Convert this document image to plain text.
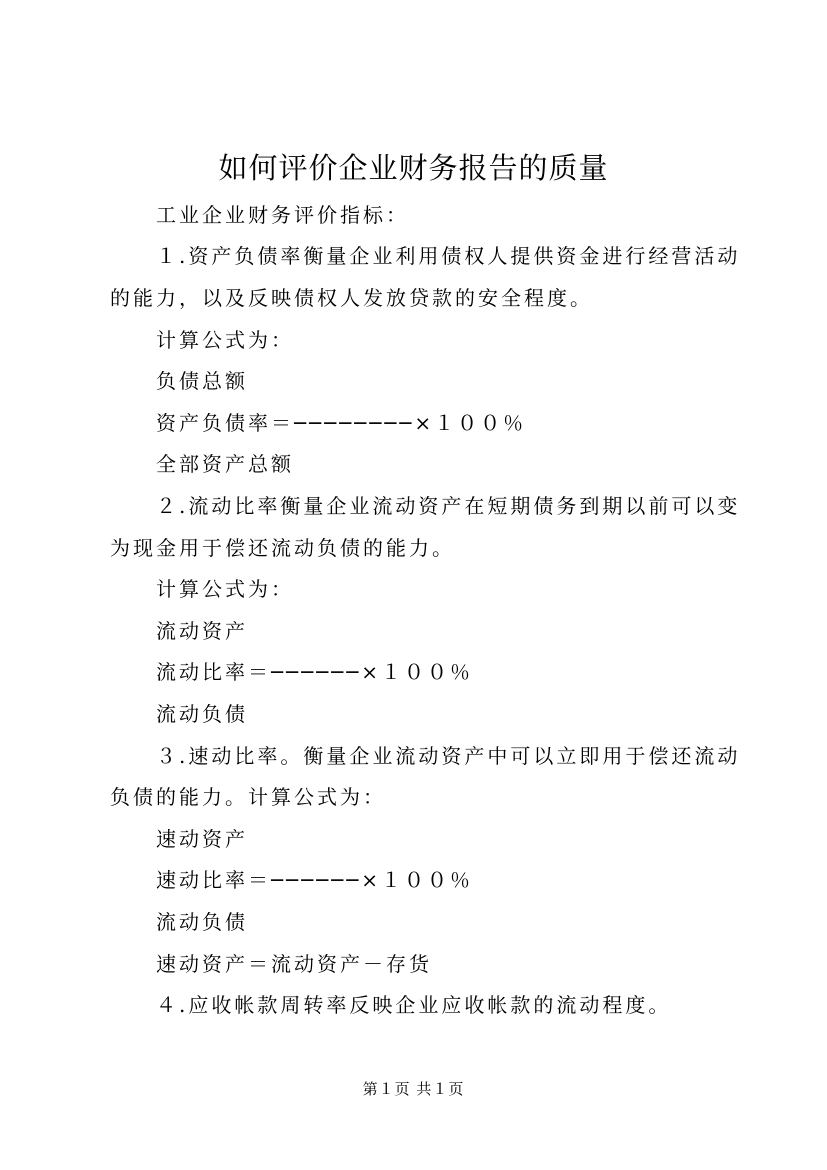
如何评价企业财务报告的质量
工业企业财务评价指标：
１.资产负债率衡量企业利用债权人提供资金进行经营活动
的能力，以及反映债权人发放贷款的安全程度。
计算公式为：
负债总额
资产负债率＝────────×１００％
全部资产总额
２.流动比率衡量企业流动资产在短期债务到期以前可以变
为现金用于偿还流动负债的能力。
计算公式为：
流动资产
流动比率＝──────×１００％
流动负债
３.速动比率。衡量企业流动资产中可以立即用于偿还流动
负债的能力。计算公式为：
速动资产
速动比率＝──────×１００％
流动负债
速动资产＝流动资产－存货
４.应收帐款周转率反映企业应收帐款的流动程度。
第１页 共１页
